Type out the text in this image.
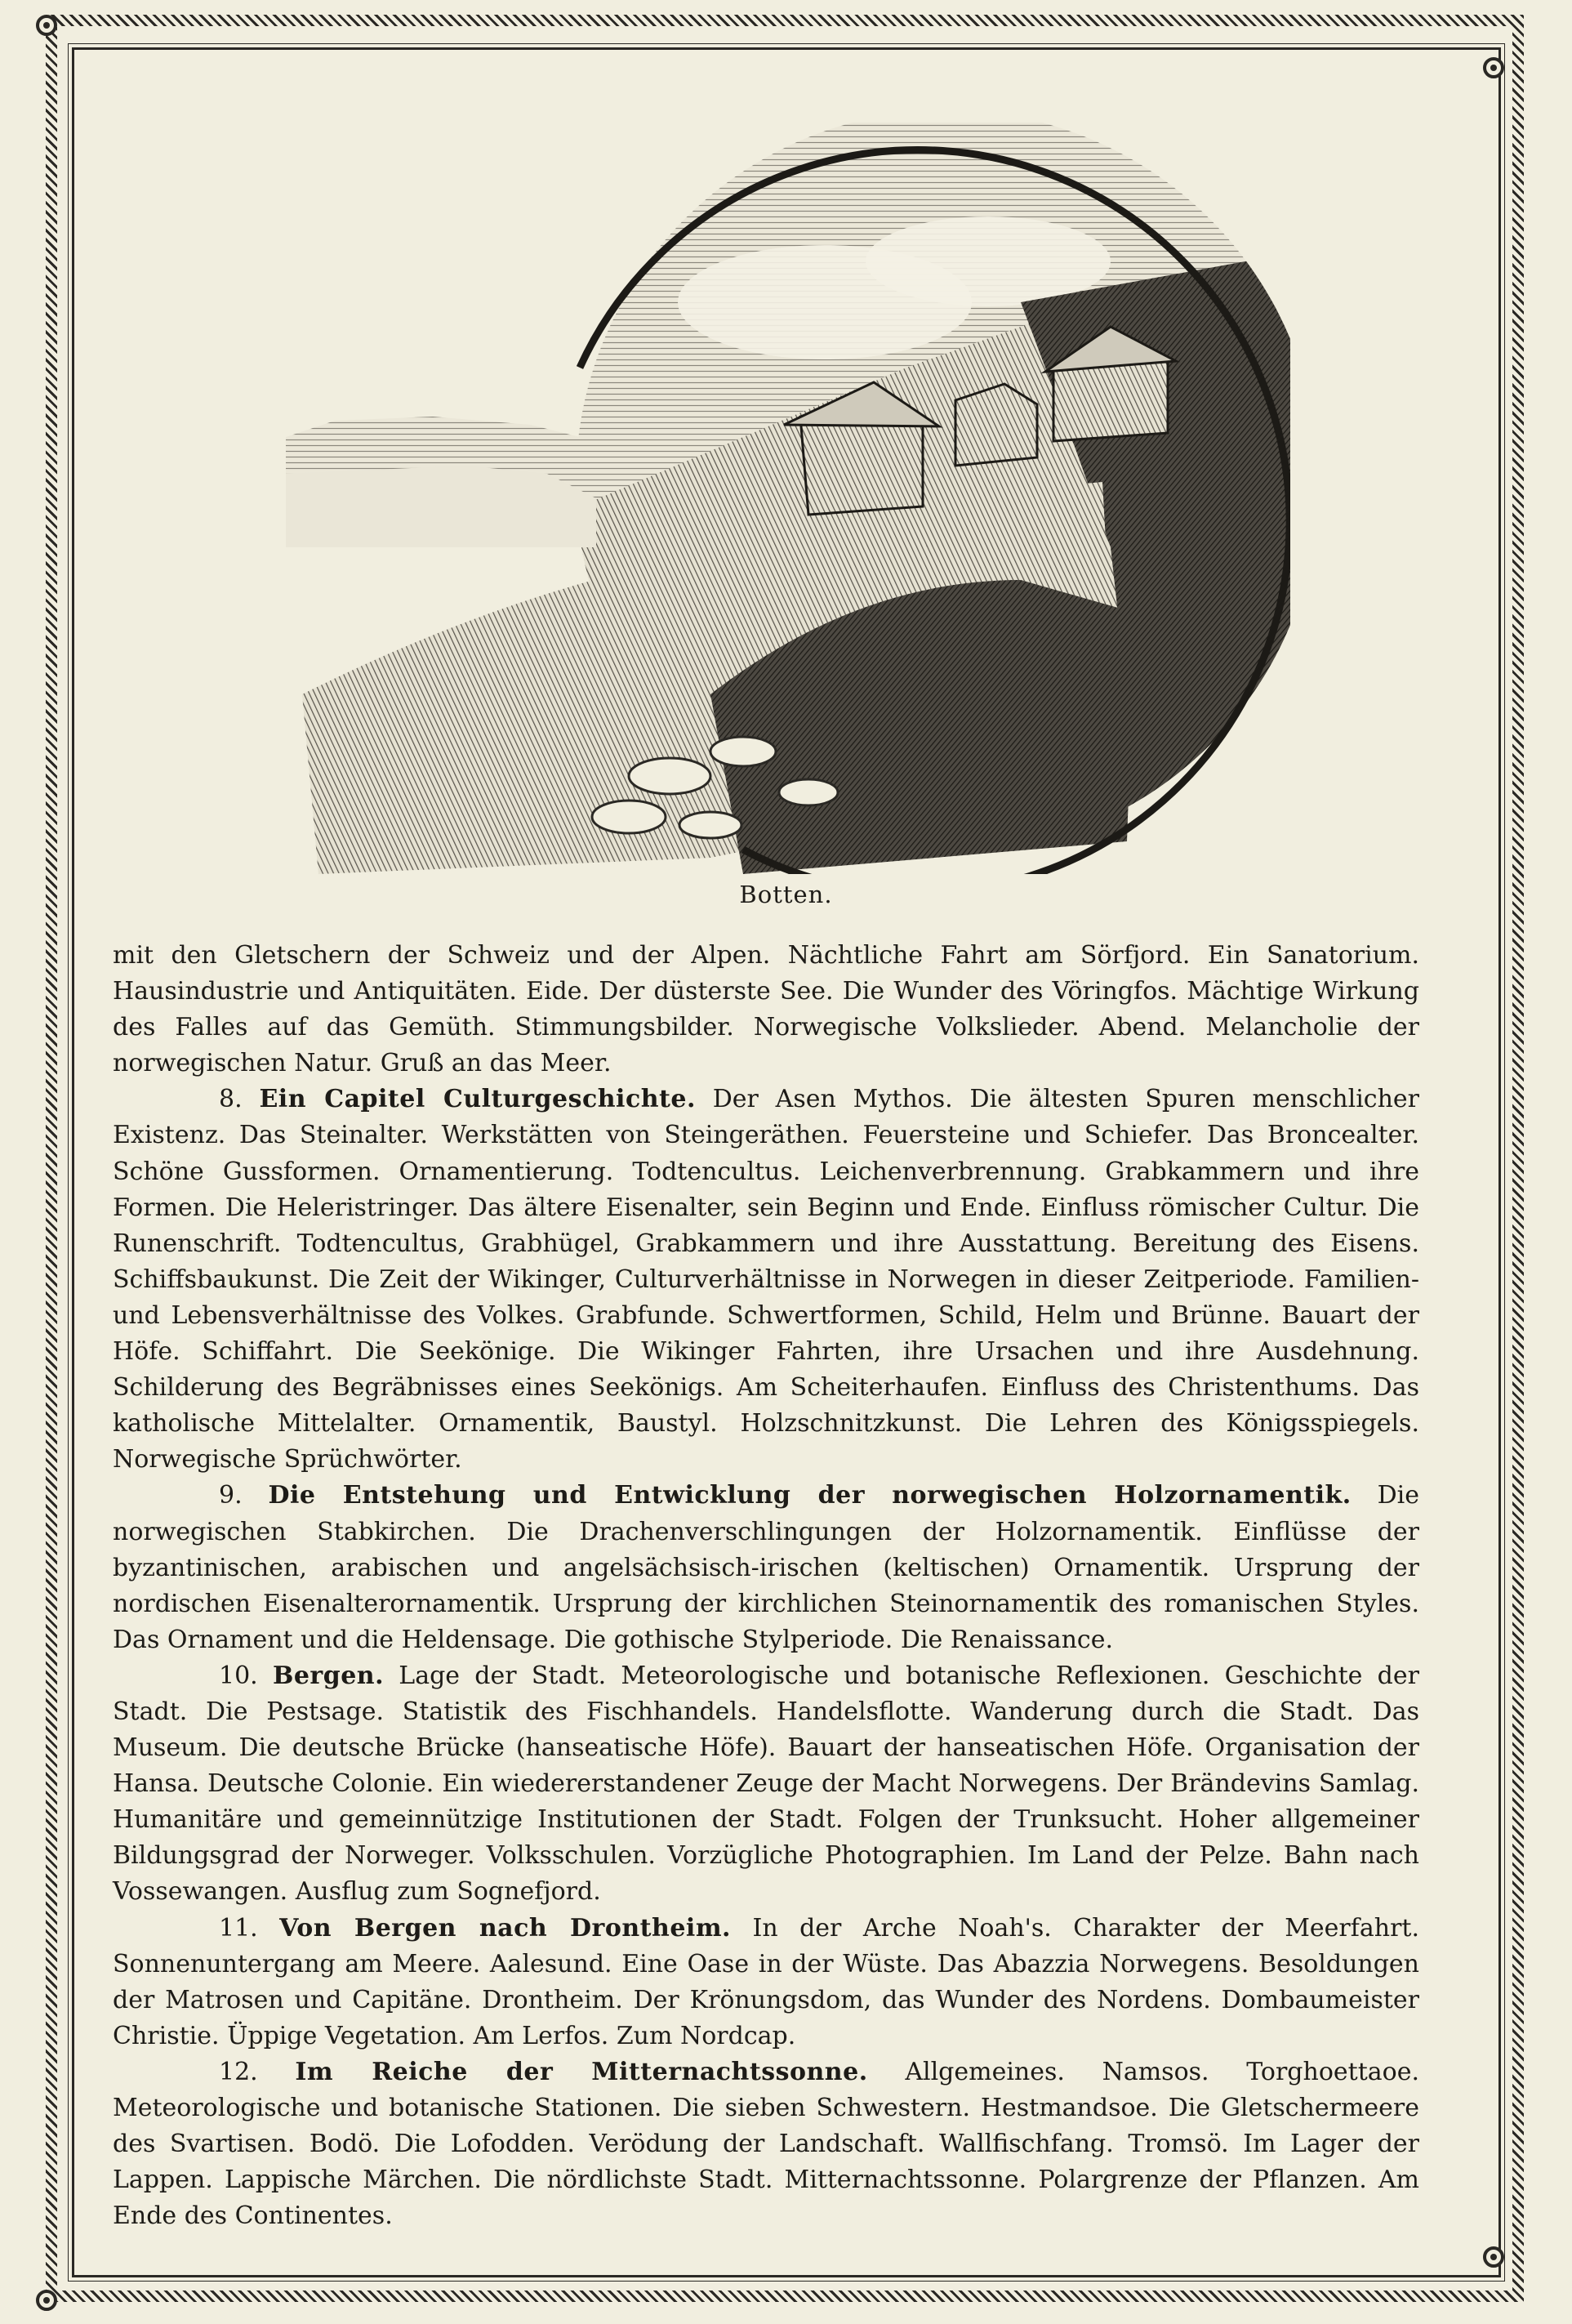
Botten.

mit den Gletschern der Schweiz und der Alpen. Nächtliche Fahrt am Sörfjord. Ein Sanatorium. Hausindustrie und Antiquitäten. Eide. Der düsterste See. Die Wunder des Vöringfos. Mächtige Wirkung des Falles auf das Gemüth. Stimmungsbilder. Norwegische Volkslieder. Abend. Melancholie der norwegischen Natur. Gruß an das Meer.

8. Ein Capitel Culturgeschichte. Der Asen Mythos. Die ältesten Spuren menschlicher Existenz. Das Steinalter. Werkstätten von Steingeräthen. Feuersteine und Schiefer. Das Broncealter. Schöne Gussformen. Ornamentierung. Todtencultus. Leichenverbrennung. Grabkammern und ihre Formen. Die Heleristringer. Das ältere Eisenalter, sein Beginn und Ende. Einfluss römischer Cultur. Die Runenschrift. Todtencultus, Grabhügel, Grabkammern und ihre Ausstattung. Bereitung des Eisens. Schiffsbaukunst. Die Zeit der Wikinger, Culturverhältnisse in Norwegen in dieser Zeitperiode. Familien- und Lebensverhältnisse des Volkes. Grabfunde. Schwertformen, Schild, Helm und Brünne. Bauart der Höfe. Schiffahrt. Die Seekönige. Die Wikinger Fahrten, ihre Ursachen und ihre Ausdehnung. Schilderung des Begräbnisses eines Seekönigs. Am Scheiterhaufen. Einfluss des Christenthums. Das katholische Mittelalter. Ornamentik, Baustyl. Holzschnitzkunst. Die Lehren des Königsspiegels. Norwegische Sprüchwörter.

9. Die Entstehung und Entwicklung der norwegischen Holzornamentik. Die norwegischen Stabkirchen. Die Drachenverschlingungen der Holzornamentik. Einflüsse der byzantinischen, arabischen und angelsächsisch-irischen (keltischen) Ornamentik. Ursprung der nordischen Eisenalterornamentik. Ursprung der kirchlichen Steinornamentik des romanischen Styles. Das Ornament und die Heldensage. Die gothische Stylperiode. Die Renaissance.

10. Bergen. Lage der Stadt. Meteorologische und botanische Reflexionen. Geschichte der Stadt. Die Pestsage. Statistik des Fischhandels. Handelsflotte. Wanderung durch die Stadt. Das Museum. Die deutsche Brücke (hanseatische Höfe). Bauart der hanseatischen Höfe. Organisation der Hansa. Deutsche Colonie. Ein wiedererstandener Zeuge der Macht Norwegens. Der Brändevins Samlag. Humanitäre und gemeinnützige Institutionen der Stadt. Folgen der Trunksucht. Hoher allgemeiner Bildungsgrad der Norweger. Volksschulen. Vorzügliche Photographien. Im Land der Pelze. Bahn nach Vossewangen. Ausflug zum Sognefjord.

11. Von Bergen nach Drontheim. In der Arche Noah's. Charakter der Meerfahrt. Sonnenuntergang am Meere. Aalesund. Eine Oase in der Wüste. Das Abazzia Norwegens. Besoldungen der Matrosen und Capitäne. Drontheim. Der Krönungsdom, das Wunder des Nordens. Dombaumeister Christie. Üppige Vegetation. Am Lerfos. Zum Nordcap.

12. Im Reiche der Mitternachtssonne. Allgemeines. Namsos. Torghoettaoe. Meteorologische und botanische Stationen. Die sieben Schwestern. Hestmandsoe. Die Gletschermeere des Svartisen. Bodö. Die Lofodden. Verödung der Landschaft. Wallfischfang. Tromsö. Im Lager der Lappen. Lappische Märchen. Die nördlichste Stadt. Mitternachtssonne. Polargrenze der Pflanzen. Am Ende des Continentes.
